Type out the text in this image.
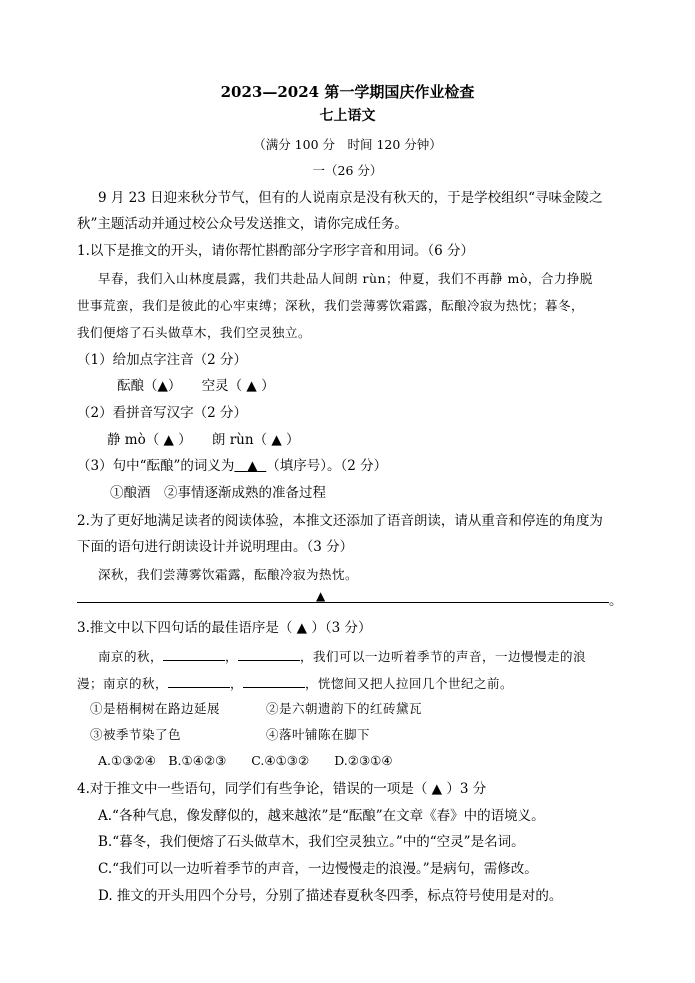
2023—2024 第一学期国庆作业检查
七上语文
（满分 100 分　时间 120 分钟）
一（26 分）
9 月 23 日迎来秋分节气，但有的人说南京是没有秋天的，于是学校组织“寻味金陵之
秋”主题活动并通过校公众号发送推文，请你完成任务。
1.以下是推文的开头，请你帮忙斟酌部分字形字音和用词。（6 分）
早春，我们入山林度晨露，我们共赴品人间朗 rùn；仲夏，我们不再静 mò，合力挣脱
世事荒蛮，我们是彼此的心牢束缚；深秋，我们尝薄雾饮霜露，酝酿冷寂为热忱；暮冬，
我们便熔了石头做草木，我们空灵独立。
（1）给加点字注音（2 分）
酝酿（▲）　　空灵（ ▲ ）
（2）看拼音写汉字（2 分）
静 mò（ ▲ ）　　朗 rùn（ ▲ ）
（3）句中“酝酿”的词义为 ▲ （填序号）。（2 分）
①酿酒　②事情逐渐成熟的准备过程
2.为了更好地满足读者的阅读体验，本推文还添加了语音朗读，请从重音和停连的角度为
下面的语句进行朗读设计并说明理由。（3 分）
深秋，我们尝薄雾饮霜露，酝酿冷寂为热忱。
▲	。
3.推文中以下四句话的最佳语序是（ ▲ ）（3 分）
南京的秋，	，	，我们可以一边听着季节的声音，一边慢慢走的浪
漫；南京的秋，	，	，恍惚间又把人拉回几个世纪之前。
①是梧桐树在路边延展	②是六朝遗韵下的红砖黛瓦
③被季节染了色	④落叶铺陈在脚下
A.①③②④　B.①④②③　　C.④①③②　　D.②③①④
4.对于推文中一些语句，同学们有些争论，错误的一项是（ ▲ ）3 分
A.“各种气息，像发酵似的，越来越浓”是“酝酿”在文章《春》中的语境义。
B.“暮冬，我们便熔了石头做草木，我们空灵独立。”中的“空灵”是名词。
C.“我们可以一边听着季节的声音，一边慢慢走的浪漫。”是病句，需修改。
D. 推文的开头用四个分号，分别了描述春夏秋冬四季，标点符号使用是对的。
